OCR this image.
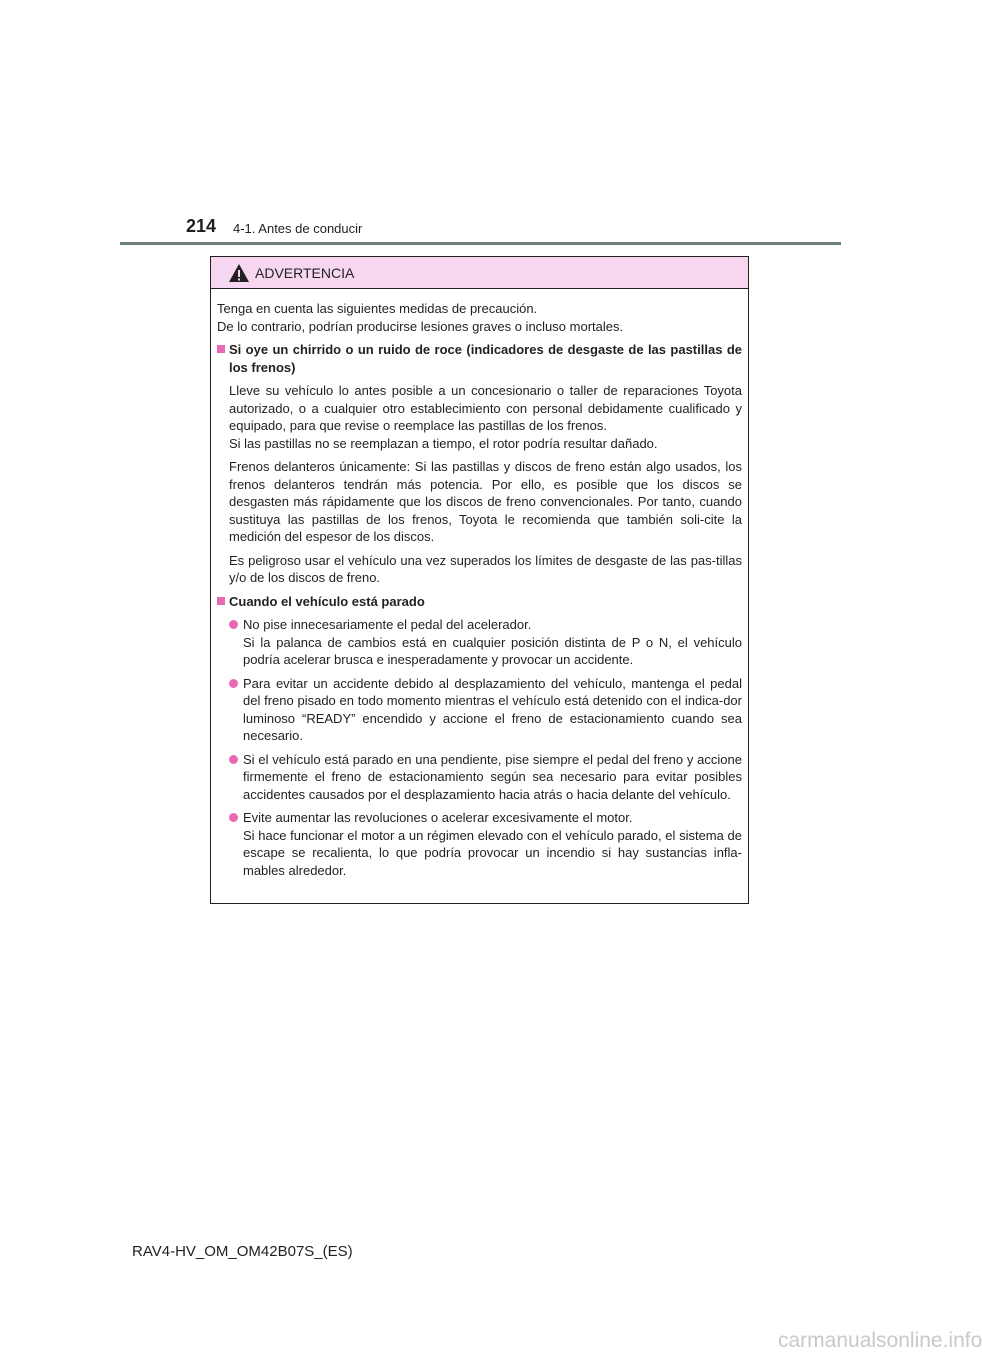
214 4-1. Antes de conducir
ADVERTENCIA

Tenga en cuenta las siguientes medidas de precaución.
De lo contrario, podrían producirse lesiones graves o incluso mortales.

Si oye un chirrido o un ruido de roce (indicadores de desgaste de las pastillas de los frenos)

Lleve su vehículo lo antes posible a un concesionario o taller de reparaciones Toyota autorizado, o a cualquier otro establecimiento con personal debidamente cualificado y equipado, para que revise o reemplace las pastillas de los frenos.
Si las pastillas no se reemplazan a tiempo, el rotor podría resultar dañado.

Frenos delanteros únicamente: Si las pastillas y discos de freno están algo usados, los frenos delanteros tendrán más potencia. Por ello, es posible que los discos se desgasten más rápidamente que los discos de freno convencionales. Por tanto, cuando sustituya las pastillas de los frenos, Toyota le recomienda que también soli-cite la medición del espesor de los discos.

Es peligroso usar el vehículo una vez superados los límites de desgaste de las pas-tillas y/o de los discos de freno.

Cuando el vehículo está parado
No pise innecesariamente el pedal del acelerador.
Si la palanca de cambios está en cualquier posición distinta de P o N, el vehículo podría acelerar brusca e inesperadamente y provocar un accidente.
Para evitar un accidente debido al desplazamiento del vehículo, mantenga el pedal del freno pisado en todo momento mientras el vehículo está detenido con el indica-dor luminoso “READY” encendido y accione el freno de estacionamiento cuando sea necesario.
Si el vehículo está parado en una pendiente, pise siempre el pedal del freno y accione firmemente el freno de estacionamiento según sea necesario para evitar posibles accidentes causados por el desplazamiento hacia atrás o hacia delante del vehículo.
Evite aumentar las revoluciones o acelerar excesivamente el motor.
Si hace funcionar el motor a un régimen elevado con el vehículo parado, el sistema de escape se recalienta, lo que podría provocar un incendio si hay sustancias infla-mables alrededor.
RAV4-HV_OM_OM42B07S_(ES)
carmanualsonline.info
